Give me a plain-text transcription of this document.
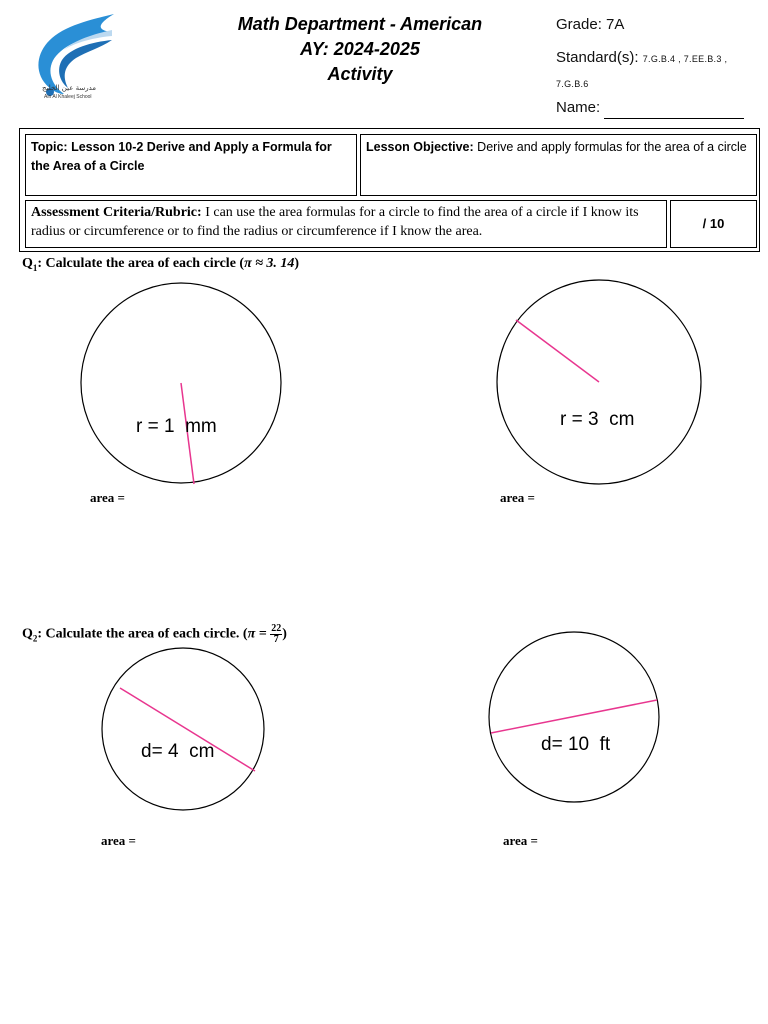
مدرسة عين الخليج
Ain Al Khaleej School
Math Department - American
AY: 2024-2025
Activity
Grade: 7A
Standard(s): 7.G.B.4 , 7.EE.B.3 ,
7.G.B.6
Name:
Topic: Lesson 10-2 Derive and Apply a Formula for the Area of a Circle
Lesson Objective: Derive and apply formulas for the area of a circle
Assessment Criteria/Rubric: I can use the area formulas for a circle to find the area of a circle if I know its radius or circumference or to find the radius or circumference if I know the area.
/ 10
$Q_1$: Calculate the area of each circle (π ≈ 3. 14)
r = 1  mm	r = 3  cm
area =	area =
$Q_2$: Calculate the area of each circle. ($\pi = \frac{22}{7}$ )
d= 4  cm	d= 10  ft
area =	area =
